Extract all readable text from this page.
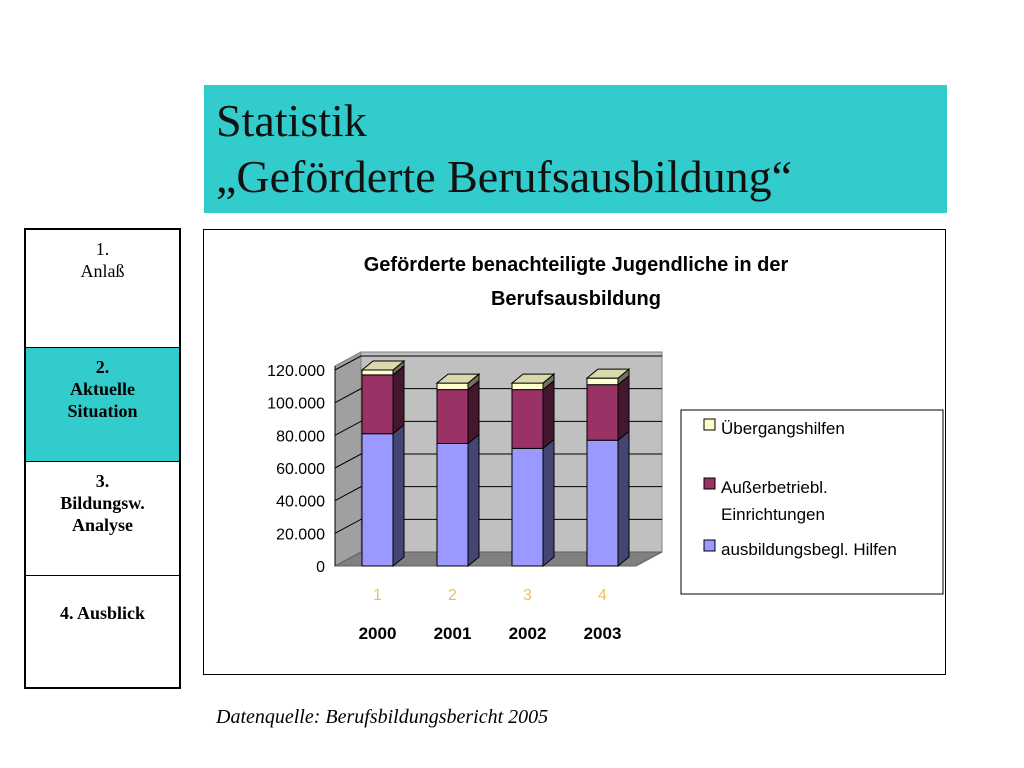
Statistik
„Geförderte Berufsausbildung“
1.
Anlaß
2.
Aktuelle
Situation
3.
Bildungsw.
Analyse
4. Ausblick
Geförderte benachteiligte Jugendliche in der
Berufsausbildung
0
20.000
40.000
60.000
80.000
100.000
120.000
1
2000
2
2001
3
2002
4
2003
Übergangshilfen
Außerbetriebl.
Einrichtungen
ausbildungsbegl. Hilfen
Datenquelle: Berufsbildungsbericht 2005
